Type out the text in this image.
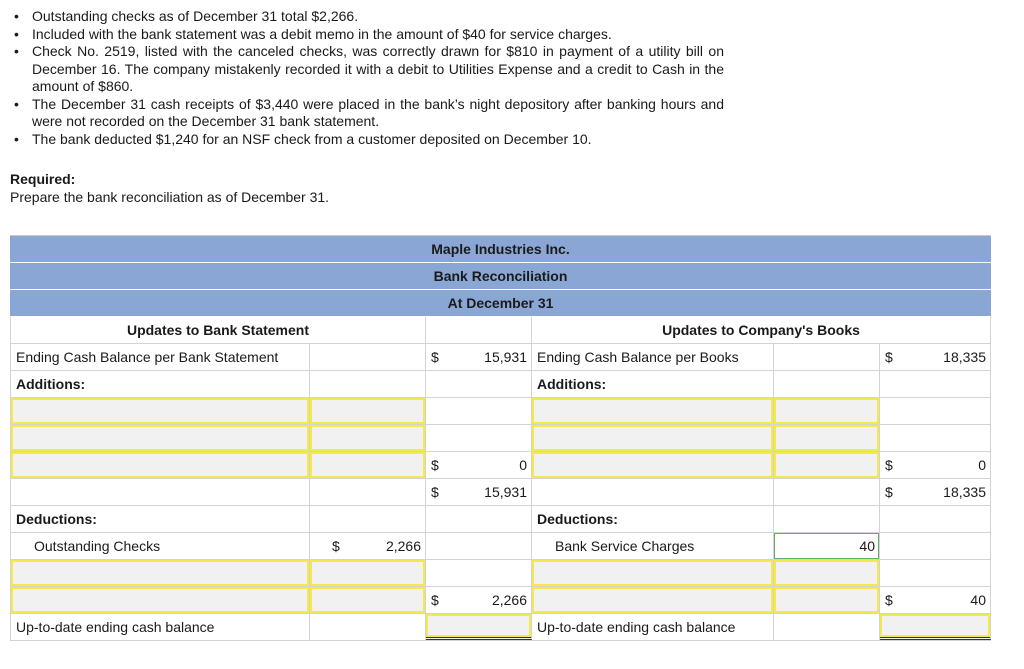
• Outstanding checks as of December 31 total $2,266.
• Included with the bank statement was a debit memo in the amount of $40 for service charges.
• Check No. 2519, listed with the canceled checks, was correctly drawn for $810 in payment of a utility bill on December 16. The company mistakenly recorded it with a debit to Utilities Expense and a credit to Cash in the amount of $860.
• The December 31 cash receipts of $3,440 were placed in the bank’s night depository after banking hours and were not recorded on the December 31 bank statement.
• The bank deducted $1,240 for an NSF check from a customer deposited on December 10.
Required:
Prepare the bank reconciliation as of December 31.
Maple Industries Inc.
Bank Reconciliation
At December 31
Updates to Bank Statement	Updates to Company's Books
Ending Cash Balance per Bank Statement	$	15,931 Ending Cash Balance per Books	$	18,335
Additions:	Additions:
$	0	$	0
$	15,931	$	18,335
Deductions:	Deductions:
Outstanding Checks	$	2,266	Bank Service Charges	40
$	2,266	$	40
Up-to-date ending cash balance	Up-to-date ending cash balance
